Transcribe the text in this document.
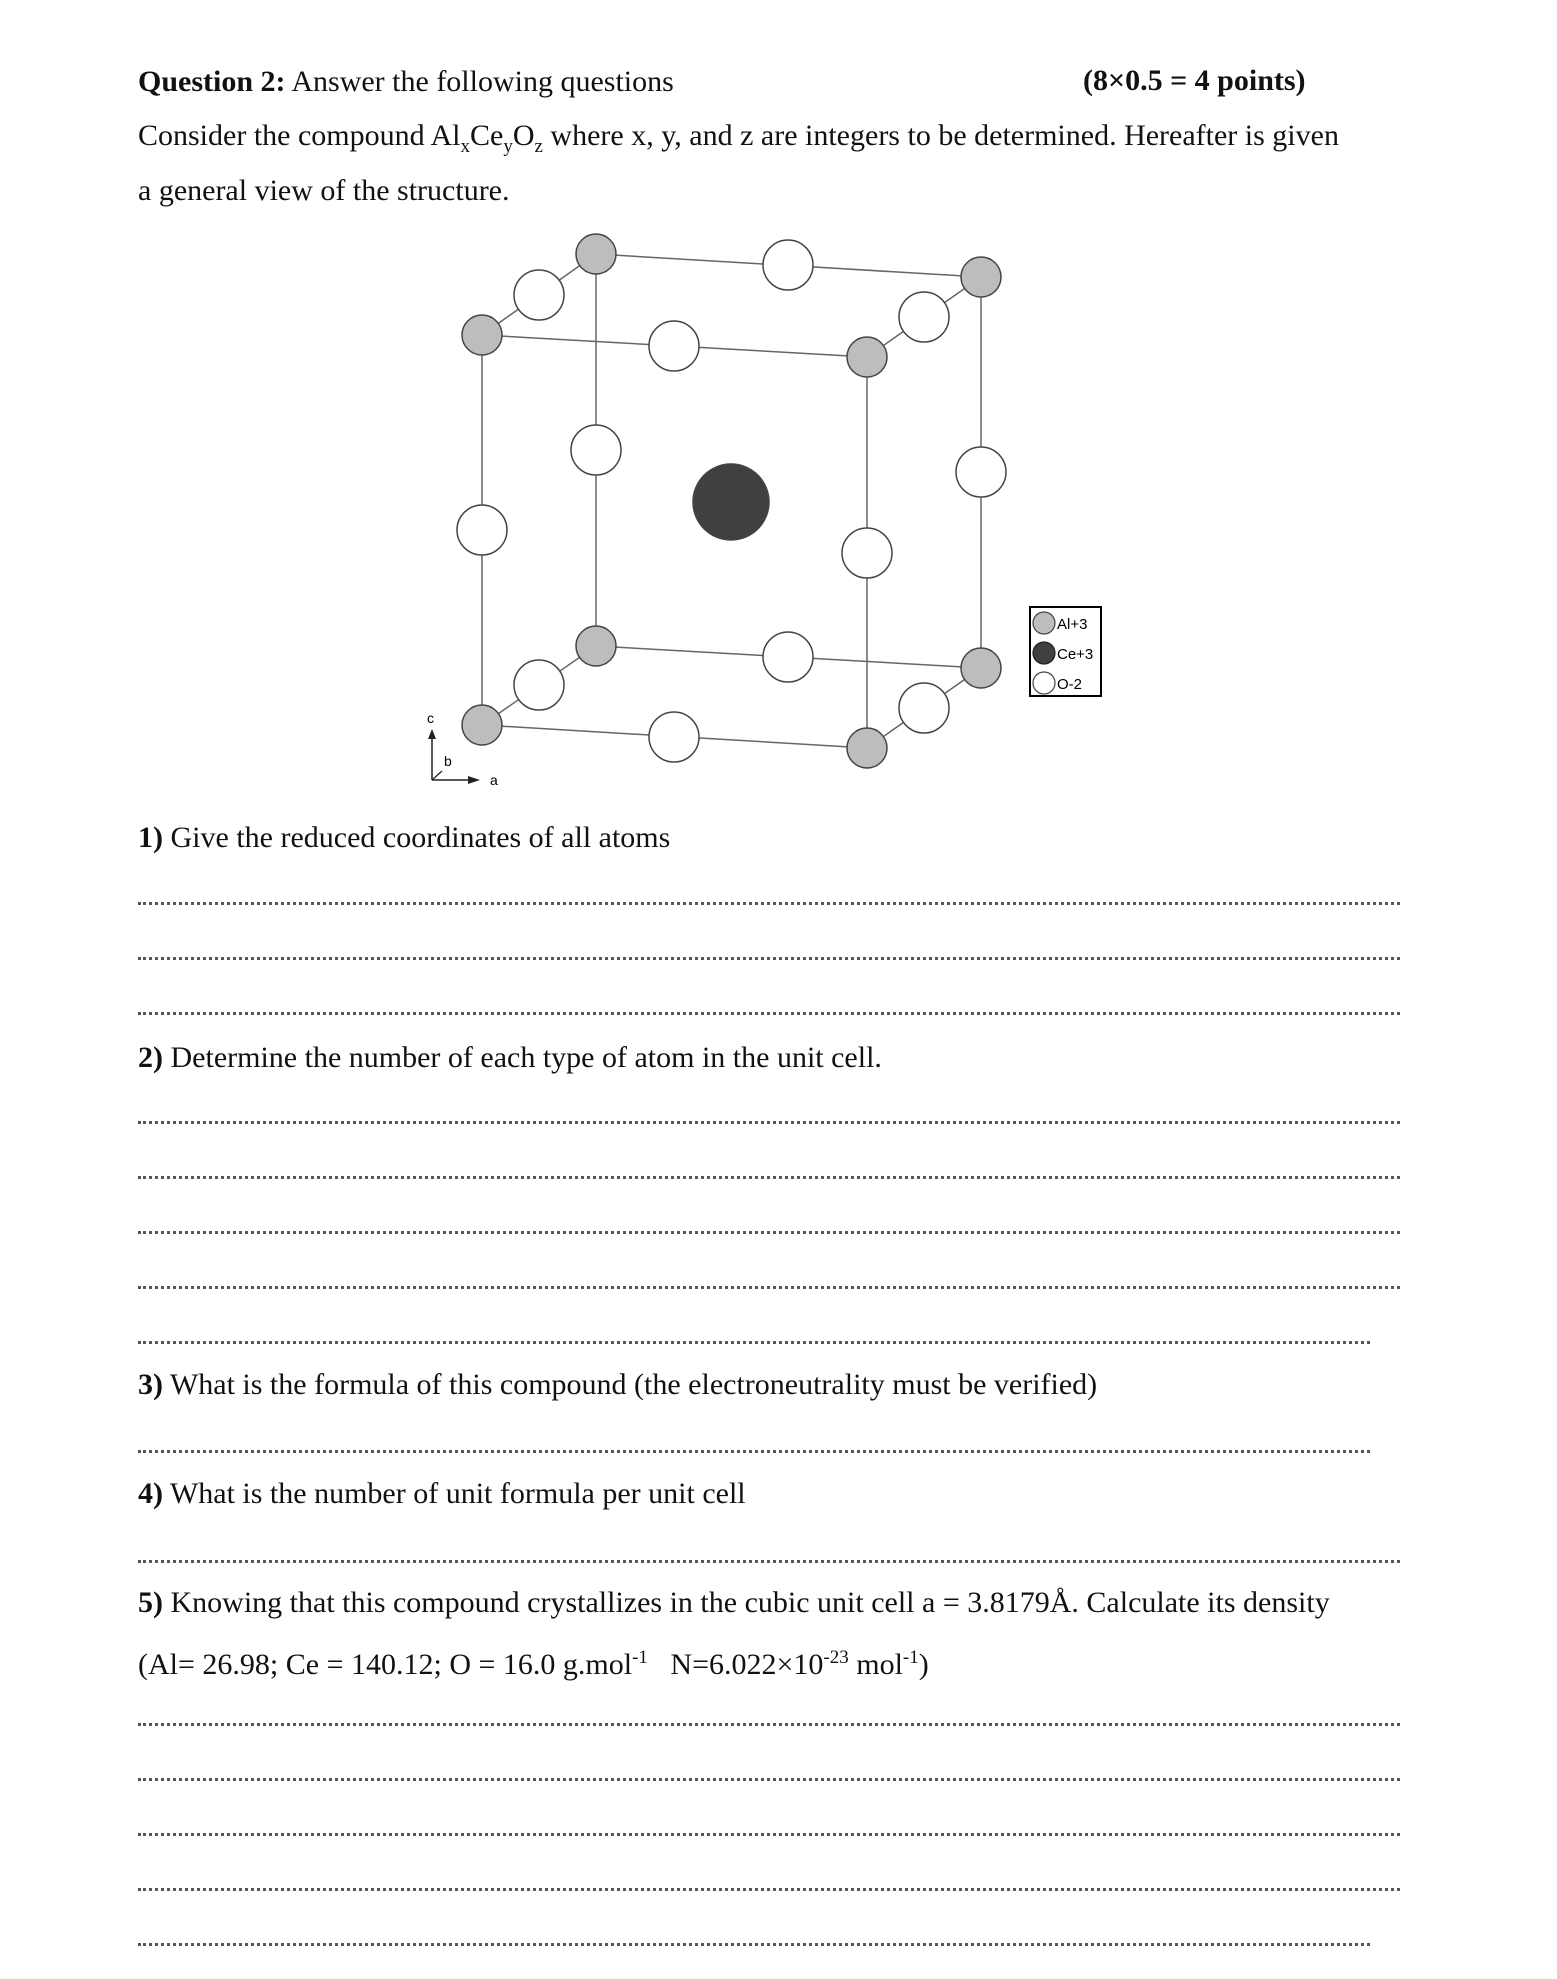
Question 2: Answer the following questions	(8×0.5 = 4 points)
Consider the compound $Al_xCe_yO_z$ where x, y, and z are integers to be determined. Hereafter is given
a general view of the structure.
Al+3
Ce+3
O-2
c
a
b
1) Give the reduced coordinates of all atoms
2) Determine the number of each type of atom in the unit cell.
3) What is the formula of this compound (the electroneutrality must be verified)
4) What is the number of unit formula per unit cell
5) Knowing that this compound crystallizes in the cubic unit cell a = 3.8179Å. Calculate its density
(Al= 26.98; Ce = 140.12; O = 16.0 g.mol$^{-1}$   $N=6.022\times 10^{-23}$ mol$^{-1}$)
